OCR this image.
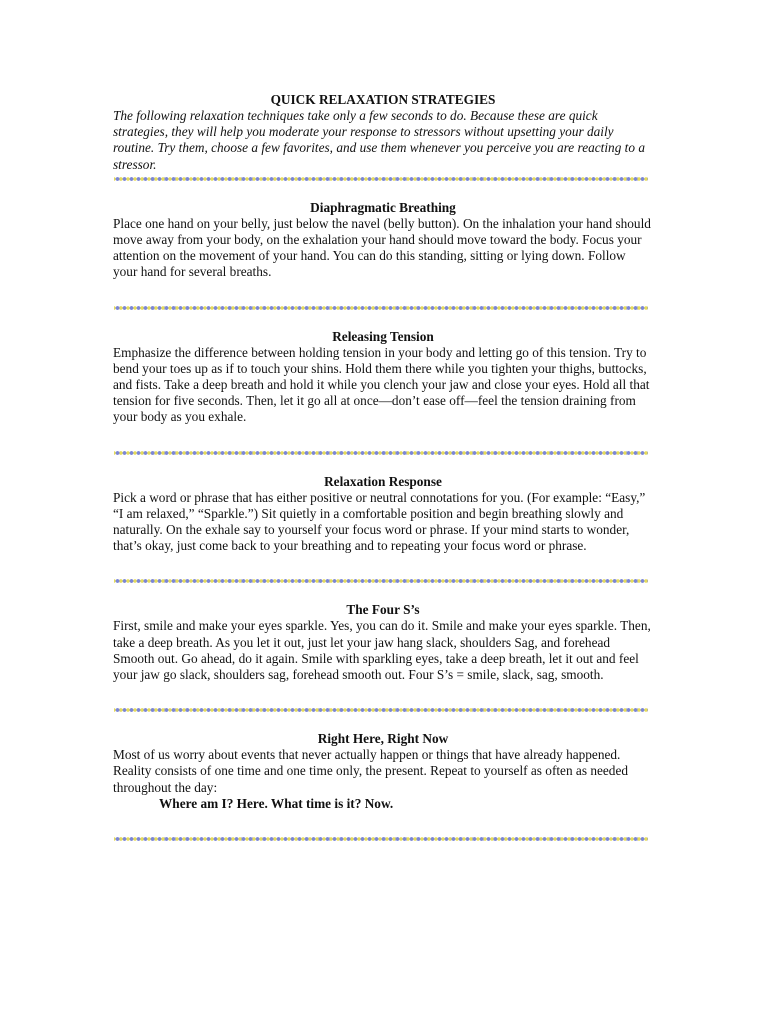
QUICK RELAXATION STRATEGIES

The following relaxation techniques take only a few seconds to do. Because these are quick strategies, they will help you moderate your response to stressors without upsetting your daily routine. Try them, choose a few favorites, and use them whenever you perceive you are reacting to a stressor.

Diaphragmatic Breathing

Place one hand on your belly, just below the navel (belly button). On the inhalation your hand should move away from your body, on the exhalation your hand should move toward the body. Focus your attention on the movement of your hand. You can do this standing, sitting or lying down. Follow your hand for several breaths.

Releasing Tension

Emphasize the difference between holding tension in your body and letting go of this tension. Try to bend your toes up as if to touch your shins. Hold them there while you tighten your thighs, buttocks, and fists. Take a deep breath and hold it while you clench your jaw and close your eyes. Hold all that tension for five seconds. Then, let it go all at once—don’t ease off—feel the tension draining from your body as you exhale.

Relaxation Response

Pick a word or phrase that has either positive or neutral connotations for you. (For example: “Easy,” “I am relaxed,” “Sparkle.”) Sit quietly in a comfortable position and begin breathing slowly and naturally. On the exhale say to yourself your focus word or phrase. If your mind starts to wonder, that’s okay, just come back to your breathing and to repeating your focus word or phrase.

The Four S’s

First, smile and make your eyes sparkle. Yes, you can do it. Smile and make your eyes sparkle. Then, take a deep breath. As you let it out, just let your jaw hang slack, shoulders Sag, and forehead Smooth out. Go ahead, do it again. Smile with sparkling eyes, take a deep breath, let it out and feel your jaw go slack, shoulders sag, forehead smooth out. Four S’s = smile, slack, sag, smooth.

Right Here, Right Now

Most of us worry about events that never actually happen or things that have already happened. Reality consists of one time and one time only, the present. Repeat to yourself as often as needed throughout the day:

Where am I? Here. What time is it? Now.
